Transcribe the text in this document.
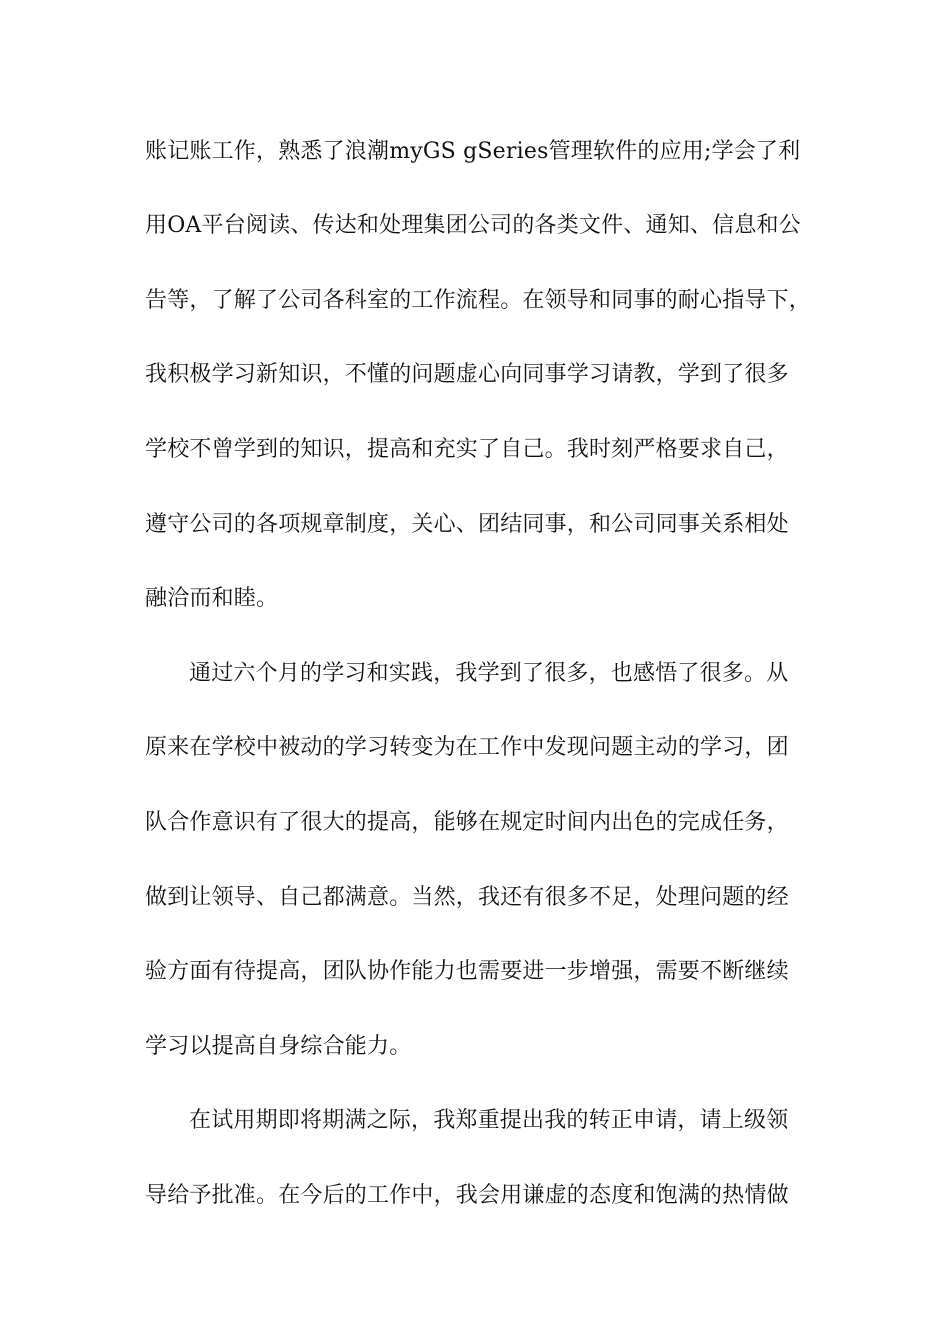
账记账工作，熟悉了浪潮myGS gSeries管理软件的应用;学会了利
用OA平台阅读、传达和处理集团公司的各类文件、通知、信息和公
告等，了解了公司各科室的工作流程。在领导和同事的耐心指导下，
我积极学习新知识，不懂的问题虚心向同事学习请教，学到了很多
学校不曾学到的知识，提高和充实了自己。我时刻严格要求自己，
遵守公司的各项规章制度，关心、团结同事，和公司同事关系相处
融洽而和睦。
通过六个月的学习和实践，我学到了很多，也感悟了很多。从
原来在学校中被动的学习转变为在工作中发现问题主动的学习，团
队合作意识有了很大的提高，能够在规定时间内出色的完成任务，
做到让领导、自己都满意。当然，我还有很多不足，处理问题的经
验方面有待提高，团队协作能力也需要进一步增强，需要不断继续
学习以提高自身综合能力。
在试用期即将期满之际，我郑重提出我的转正申请，请上级领
导给予批准。在今后的工作中，我会用谦虚的态度和饱满的热情做
